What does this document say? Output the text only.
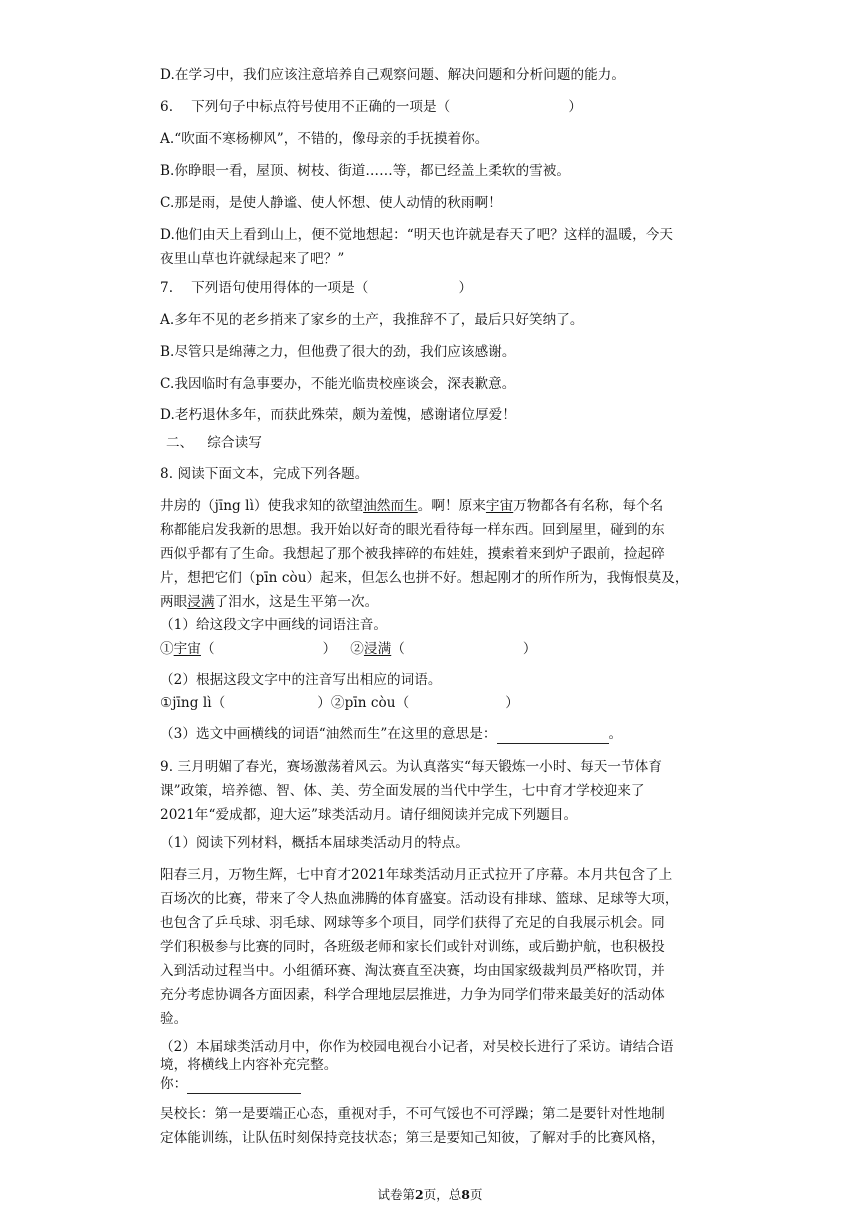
D.在学习中，我们应该注意培养自己观察问题、解决问题和分析问题的能力。
6. 下列句子中标点符号使用不正确的一项是（	）
A.“吹面不寒杨柳风”，不错的，像母亲的手抚摸着你。
B.你睁眼一看，屋顶、树枝、街道……等，都已经盖上柔软的雪被。
C.那是雨，是使人静谧、使人怀想、使人动情的秋雨啊！
D.他们由天上看到山上，便不觉地想起：“明天也许就是春天了吧？这样的温暖，今天
夜里山草也许就绿起来了吧？”
7. 下列语句使用得体的一项是（	）
A.多年不见的老乡捎来了家乡的土产，我推辞不了，最后只好笑纳了。
B.尽管只是绵薄之力，但他费了很大的劲，我们应该感谢。
C.我因临时有急事要办，不能光临贵校座谈会，深表歉意。
D.老朽退休多年，而获此殊荣，颇为羞愧，感谢诸位厚爱！
二、 综合读写
8. 阅读下面文本，完成下列各题。
井房的（jīng lì）使我求知的欲望油然而生。啊！原来宇宙万物都各有名称，每个名
称都能启发我新的思想。我开始以好奇的眼光看待每一样东西。回到屋里，碰到的东
西似乎都有了生命。我想起了那个被我摔碎的布娃娃，摸索着来到炉子跟前，捡起碎
片，想把它们（pīn còu）起来，但怎么也拼不好。想起刚才的所作所为，我悔恨莫及，
两眼浸满了泪水，这是生平第一次。
（1）给这段文字中画线的词语注音。
①宇宙（	） ②浸满（	）
（2）根据这段文字中的注音写出相应的词语。
①jīng lì（	）②pīn còu（	）
（3）选文中画横线的词语“油然而生”在这里的意思是：	。
9. 三月明媚了春光，赛场激荡着风云。为认真落实“每天锻炼一小时、每天一节体育
课”政策，培养德、智、体、美、劳全面发展的当代中学生，七中育才学校迎来了
2021年“爱成都，迎大运”球类活动月。请仔细阅读并完成下列题目。
（1）阅读下列材料，概括本届球类活动月的特点。
阳春三月，万物生辉，七中育才2021年球类活动月正式拉开了序幕。本月共包含了上
百场次的比赛，带来了令人热血沸腾的体育盛宴。活动设有排球、篮球、足球等大项，
也包含了乒乓球、羽毛球、网球等多个项目，同学们获得了充足的自我展示机会。同
学们积极参与比赛的同时，各班级老师和家长们或针对训练，或后勤护航，也积极投
入到活动过程当中。小组循环赛、淘汰赛直至决赛，均由国家级裁判员严格吹罚，并
充分考虑协调各方面因素，科学合理地层层推进，力争为同学们带来最美好的活动体
验。
（2）本届球类活动月中，你作为校园电视台小记者，对吴校长进行了采访。请结合语
境，将横线上内容补充完整。
你：
吴校长：第一是要端正心态，重视对手，不可气馁也不可浮躁；第二是要针对性地制
定体能训练，让队伍时刻保持竞技状态；第三是要知己知彼，了解对手的比赛风格，
试卷第2页，总8页
